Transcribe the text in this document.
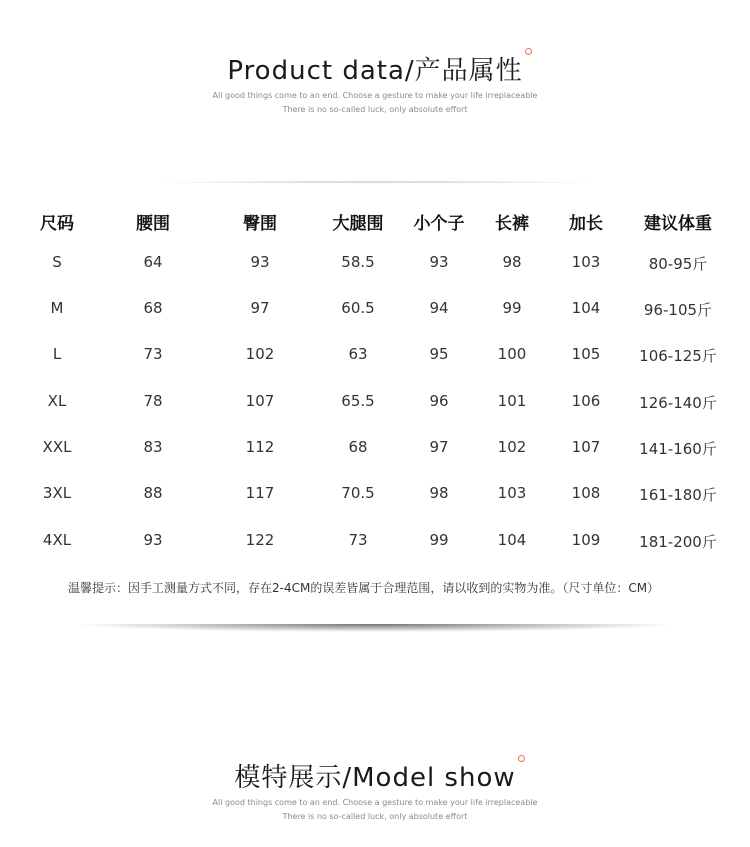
Product data/产品属性
All good things come to an end. Choose a gesture to make your life irreplaceable
There is no so-called luck, only absolute effort
尺码	腰围	臀围	大腿围 小个子 长裤 加长 建议体重
S	64	93	58.5	93	98	103	80-95斤
M	68	97	60.5	94	99	104	96-105斤
L	73	102	63	95	100	105	106-125斤
XL	78	107	65.5	96	101	106	126-140斤
XXL	83	112	68	97	102	107	141-160斤
3XL	88	117	70.5	98	103	108	161-180斤
4XL	93	122	73	99	104	109	181-200斤
温馨提示：因手工测量方式不同，存在2-4CM的误差皆属于合理范围，请以收到的实物为准。（尺寸单位：CM）
模特展示/Model show
All good things come to an end. Choose a gesture to make your life irreplaceable
There is no so-called luck, only absolute effort
